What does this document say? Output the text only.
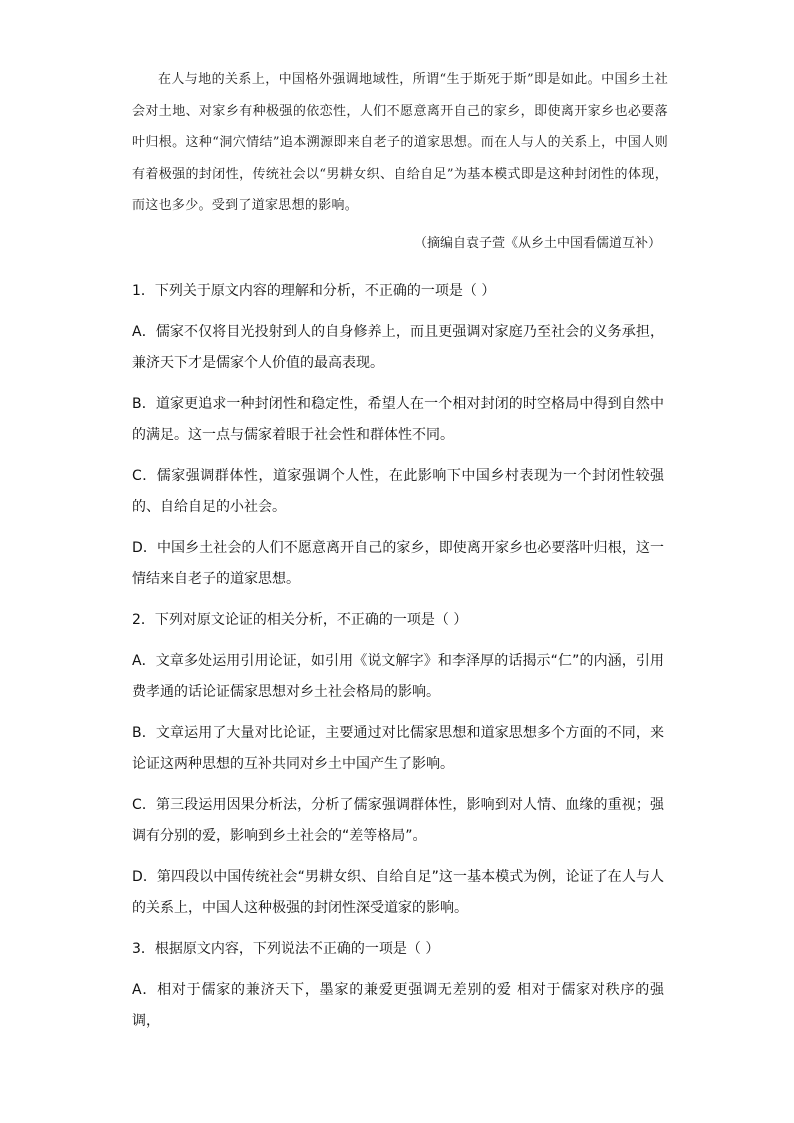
在人与地的关系上，中国格外强调地域性，所谓“生于斯死于斯”即是如此。中国乡土社会对土地、对家乡有种极强的依恋性，人们不愿意离开自己的家乡，即使离开家乡也必要落叶归根。这种“洞穴情结”追本溯源即来自老子的道家思想。而在人与人的关系上，中国人则有着极强的封闭性，传统社会以“男耕女织、自给自足”为基本模式即是这种封闭性的体现，而这也多少。受到了道家思想的影响。

（摘编自袁子萱《从乡土中国看儒道互补）

1．下列关于原文内容的理解和分析，不正确的一项是（ ）

A．儒家不仅将目光投射到人的自身修养上，而且更强调对家庭乃至社会的义务承担，兼济天下才是儒家个人价值的最高表现。

B．道家更追求一种封闭性和稳定性，希望人在一个相对封闭的时空格局中得到自然中的满足。这一点与儒家着眼于社会性和群体性不同。

C．儒家强调群体性，道家强调个人性，在此影响下中国乡村表现为一个封闭性较强的、自给自足的小社会。

D．中国乡土社会的人们不愿意离开自己的家乡，即使离开家乡也必要落叶归根，这一情结来自老子的道家思想。

2．下列对原文论证的相关分析，不正确的一项是（ ）

A．文章多处运用引用论证，如引用《说文解字》和李泽厚的话揭示“仁”的内涵，引用费孝通的话论证儒家思想对乡土社会格局的影响。

B．文章运用了大量对比论证，主要通过对比儒家思想和道家思想多个方面的不同，来论证这两种思想的互补共同对乡土中国产生了影响。

C．第三段运用因果分析法，分析了儒家强调群体性，影响到对人情、血缘的重视；强调有分别的爱，影响到乡土社会的“差等格局”。

D．第四段以中国传统社会“男耕女织、自给自足”这一基本模式为例，论证了在人与人的关系上，中国人这种极强的封闭性深受道家的影响。

3．根据原文内容，下列说法不正确的一项是（ ）

A．相对于儒家的兼济天下，墨家的兼爱更强调无差别的爱 相对于儒家对秩序的强调，
